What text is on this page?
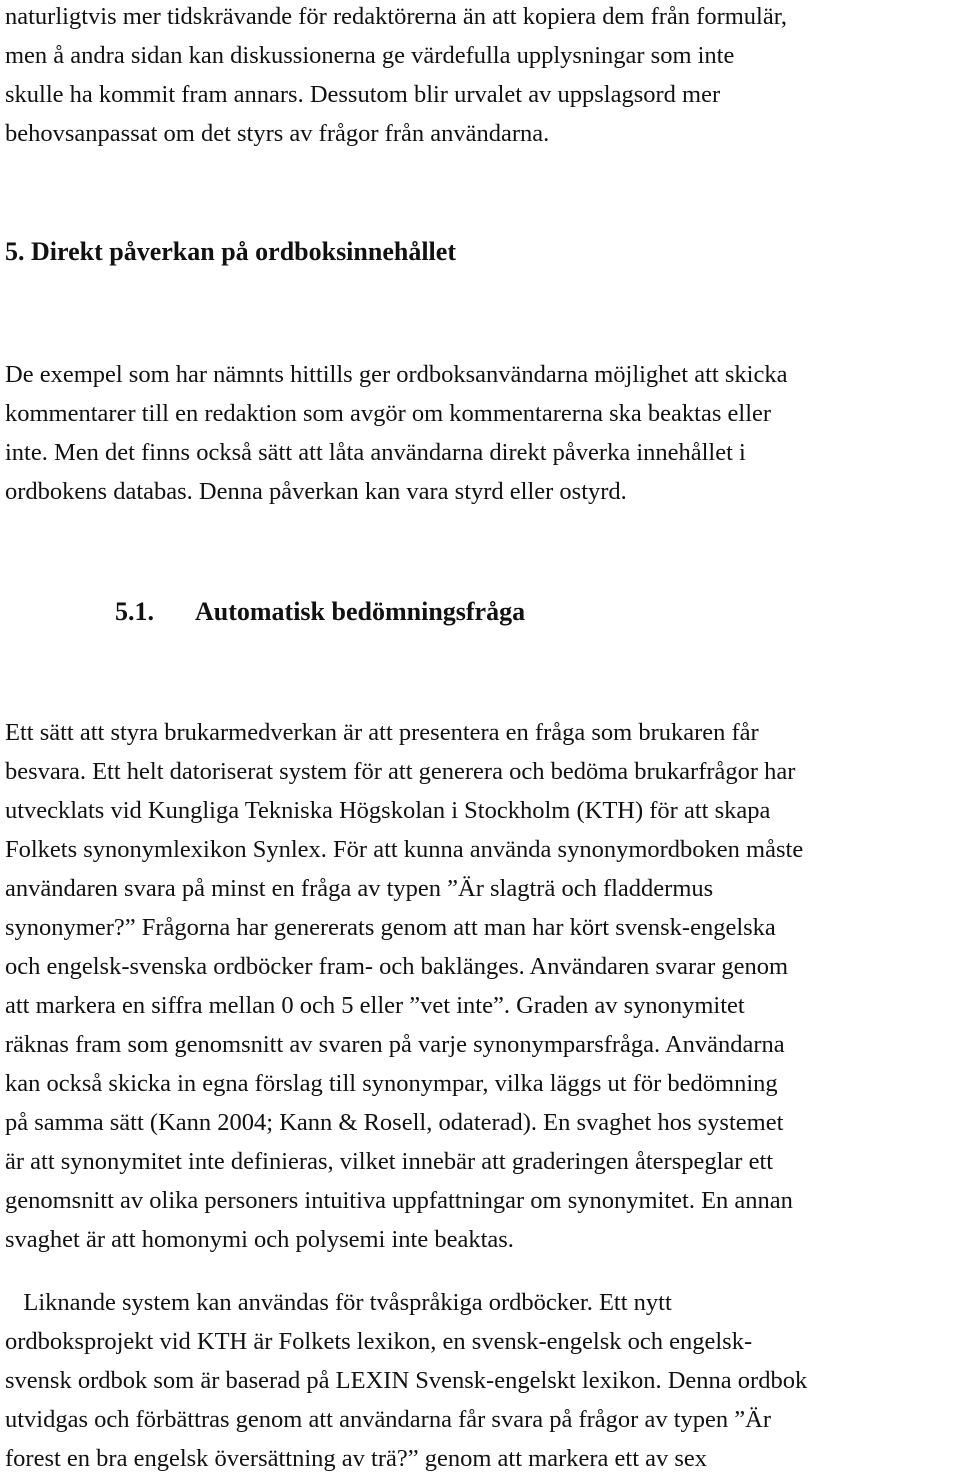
naturligtvis mer tidskrävande för redaktörerna än att kopiera dem från formulär,
men å andra sidan kan diskussionerna ge värdefulla upplysningar som inte
skulle ha kommit fram annars. Dessutom blir urvalet av uppslagsord mer
behovsanpassat om det styrs av frågor från användarna.
5. Direkt påverkan på ordboksinnehållet
De exempel som har nämnts hittills ger ordboksanvändarna möjlighet att skicka
kommentarer till en redaktion som avgör om kommentarerna ska beaktas eller
inte. Men det finns också sätt att låta användarna direkt påverka innehållet i
ordbokens databas. Denna påverkan kan vara styrd eller ostyrd.
5.1. Automatisk bedömningsfråga
Ett sätt att styra brukarmedverkan är att presentera en fråga som brukaren får
besvara. Ett helt datoriserat system för att generera och bedöma brukarfrågor har
utvecklats vid Kungliga Tekniska Högskolan i Stockholm (KTH) för att skapa
Folkets synonymlexikon Synlex. För att kunna använda synonymordboken måste
användaren svara på minst en fråga av typen ”Är slagträ och fladdermus
synonymer?” Frågorna har genererats genom att man har kört svensk-engelska
och engelsk-svenska ordböcker fram- och baklänges. Användaren svarar genom
att markera en siffra mellan 0 och 5 eller ”vet inte”. Graden av synonymitet
räknas fram som genomsnitt av svaren på varje synonymparsfråga. Användarna
kan också skicka in egna förslag till synonympar, vilka läggs ut för bedömning
på samma sätt (Kann 2004; Kann & Rosell, odaterad). En svaghet hos systemet
är att synonymitet inte definieras, vilket innebär att graderingen återspeglar ett
genomsnitt av olika personers intuitiva uppfattningar om synonymitet. En annan
svaghet är att homonymi och polysemi inte beaktas.
Liknande system kan användas för tvåspråkiga ordböcker. Ett nytt
ordboksprojekt vid KTH är Folkets lexikon, en svensk-engelsk och engelsk-
svensk ordbok som är baserad på LEXIN Svensk-engelskt lexikon. Denna ordbok
utvidgas och förbättras genom att användarna får svara på frågor av typen ”Är
forest en bra engelsk översättning av trä?” genom att markera ett av sex
